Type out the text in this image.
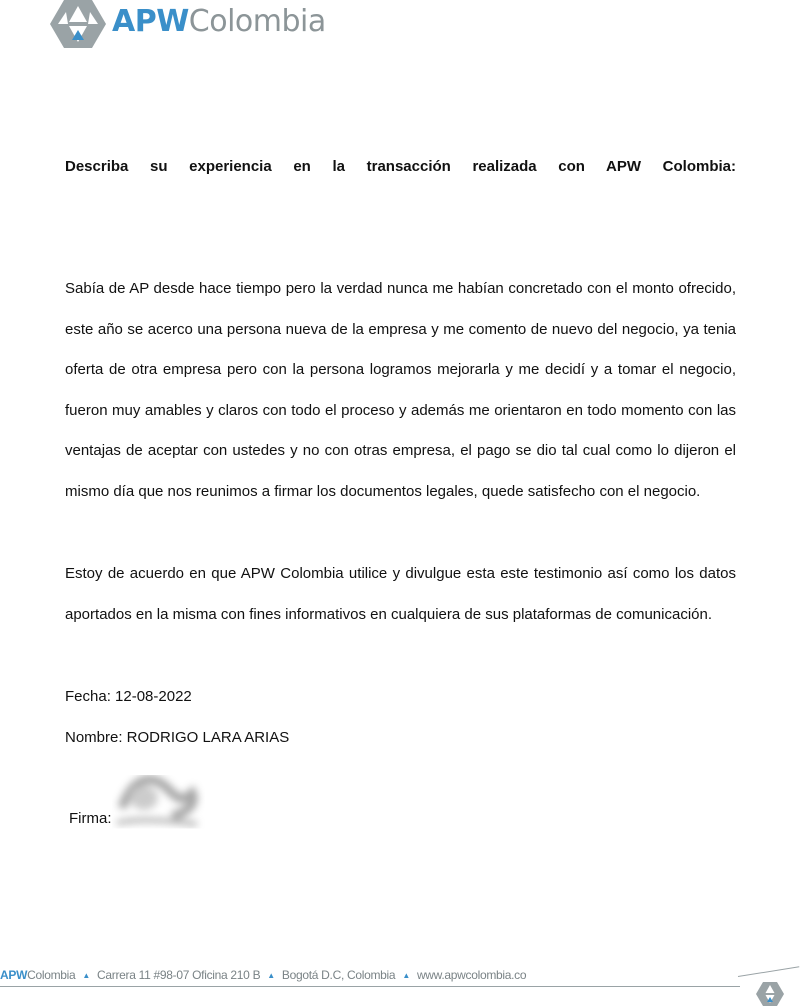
APWColombia
Describa su experiencia en la transacción realizada con APW Colombia:

Sabía de AP desde hace tiempo pero la verdad nunca me habían concretado con el monto ofrecido, este año se acerco una persona nueva de la empresa y me comento de nuevo del negocio, ya tenia oferta de otra empresa pero con la persona logramos mejorarla y me decidí y a tomar el negocio, fueron muy amables y claros con todo el proceso y además me orientaron en todo momento con las ventajas de aceptar con ustedes y no con otras empresa, el pago se dio tal cual como lo dijeron el mismo día que nos reunimos a firmar los documentos legales, quede satisfecho con el negocio.

Estoy de acuerdo en que APW Colombia utilice y divulgue esta este testimonio así como los datos aportados en la misma con fines informativos en cualquiera de sus plataformas de comunicación.

Fecha: 12-08-2022
Nombre: RODRIGO LARA ARIAS
Firma:
APW Colombia ▲ Carrera 11 #98-07 Oficina 210 B ▲ Bogotá D.C, Colombia ▲ www.apwcolombia.co
